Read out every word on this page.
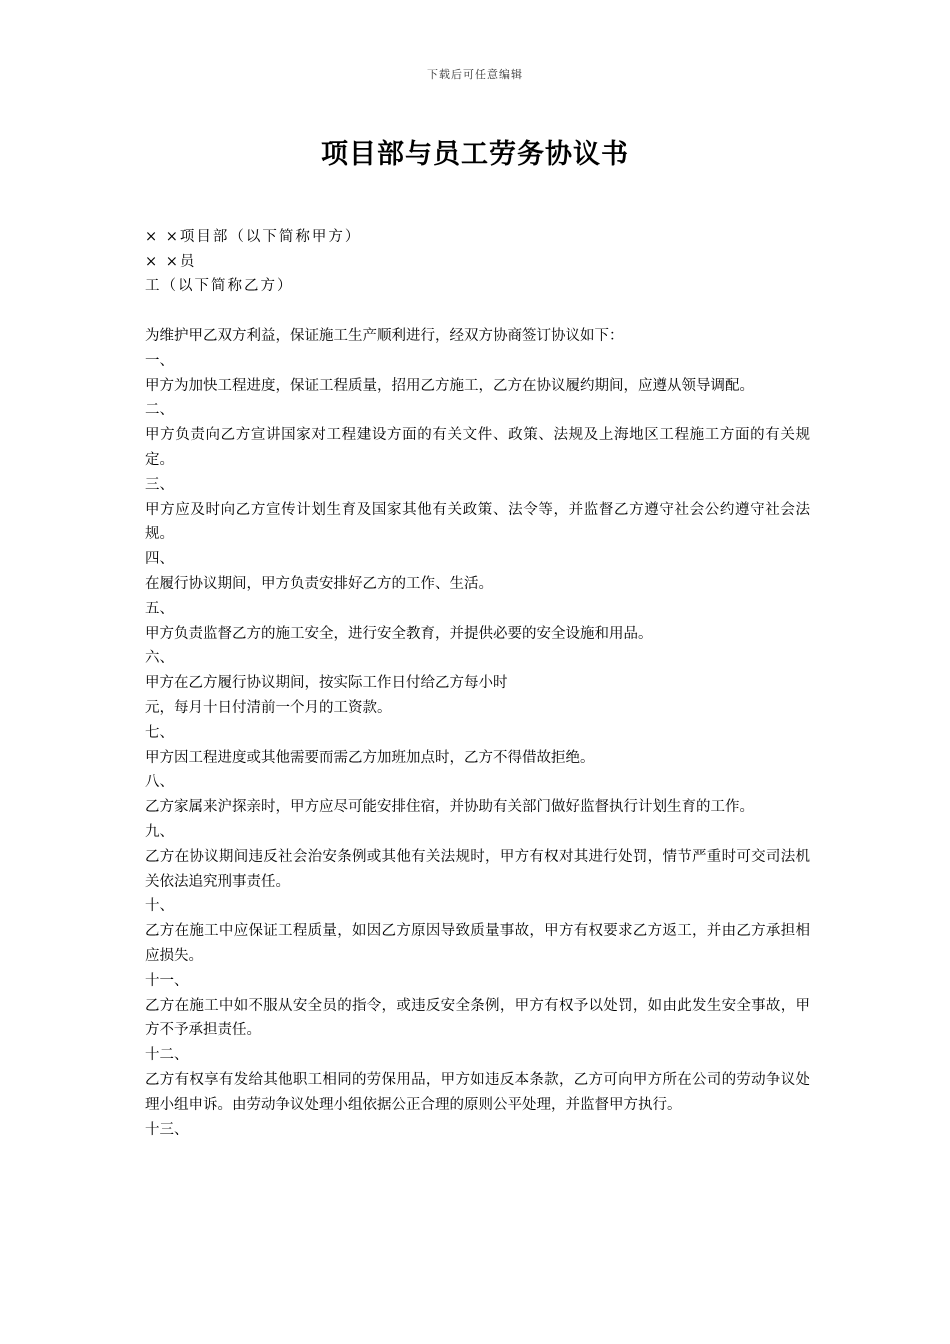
下载后可任意编辑
项目部与员工劳务协议书
× ×项目部（以下简称甲方）
× ×员
工（以下简称乙方）

为维护甲乙双方利益，保证施工生产顺利进行，经双方协商签订协议如下：

一、

甲方为加快工程进度，保证工程质量，招用乙方施工，乙方在协议履约期间，应遵从领导调配。

二、

甲方负责向乙方宣讲国家对工程建设方面的有关文件、政策、法规及上海地区工程施工方面的有关规定。

三、

甲方应及时向乙方宣传计划生育及国家其他有关政策、法令等，并监督乙方遵守社会公约遵守社会法规。

四、

在履行协议期间，甲方负责安排好乙方的工作、生活。

五、

甲方负责监督乙方的施工安全，进行安全教育，并提供必要的安全设施和用品。

六、

甲方在乙方履行协议期间，按实际工作日付给乙方每小时

元，每月十日付清前一个月的工资款。

七、

甲方因工程进度或其他需要而需乙方加班加点时，乙方不得借故拒绝。

八、

乙方家属来沪探亲时，甲方应尽可能安排住宿，并协助有关部门做好监督执行计划生育的工作。

九、

乙方在协议期间违反社会治安条例或其他有关法规时，甲方有权对其进行处罚，情节严重时可交司法机关依法追究刑事责任。

十、

乙方在施工中应保证工程质量，如因乙方原因导致质量事故，甲方有权要求乙方返工，并由乙方承担相应损失。

十一、

乙方在施工中如不服从安全员的指令，或违反安全条例，甲方有权予以处罚，如由此发生安全事故，甲方不予承担责任。

十二、

乙方有权享有发给其他职工相同的劳保用品，甲方如违反本条款，乙方可向甲方所在公司的劳动争议处理小组申诉。由劳动争议处理小组依据公正合理的原则公平处理，并监督甲方执行。

十三、
